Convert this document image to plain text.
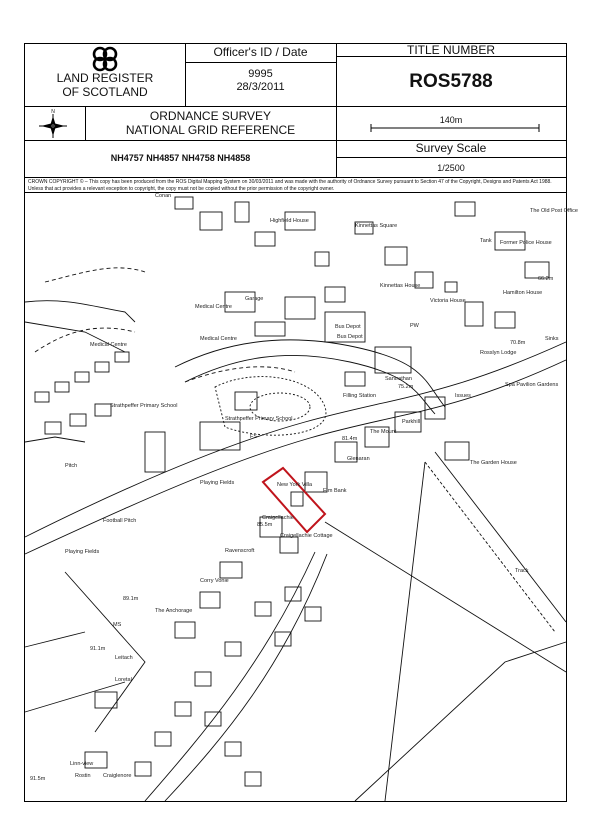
LAND REGISTER
OF SCOTLAND
Officer's ID / Date
9995
28/3/2011
TITLE NUMBER
ROS5788
N	ORDNANCE SURVEY
NATIONAL GRID REFERENCE
140m
NH4757 NH4857 NH4758 NH4858
Survey Scale
1/2500
CROWN COPYRIGHT © – This copy has been produced from the ROS Digital Mapping System on 30/03/2011 and was made with the authority of Ordnance Survey pursuant to Section 47 of the Copyright, Designs and Patents Act 1988. Unless that act provides a relevant exception to copyright, the copy must not be copied without the prior permission of the copyright owner.
Highfield House
The Old Post Office
Tank Former Police House
Kinnettas Square
Conan
Medical Centre
Medical Centre
Medical Centre
Garage
Kinnettas House
Victoria House
Hamilton House
66.2m
Rosslyn Lodge
70.8m
Sinks
Bus Depot
Bus Depot
PW
Spa Pavilion Gardens
Strathpeffer Primary School
Strathpeffer Primary School
Filling Station
Santrathan
75.2m
Issues
The Mount
Parkhill
81.4m
Glenaran
The Garden House
New York Villa
Elm Bank
Playing Fields
Football Pitch	Craigellachie
85.5m
Craigellachie Cottage
Playing Fields	Ravenscroft
Corry Vonie
The Anchorage
89.1m
MS
91.1m
Leitach
Loretal
Track
91.5m	Rostin Craiglenore
Linn-view
FS
Pitch
